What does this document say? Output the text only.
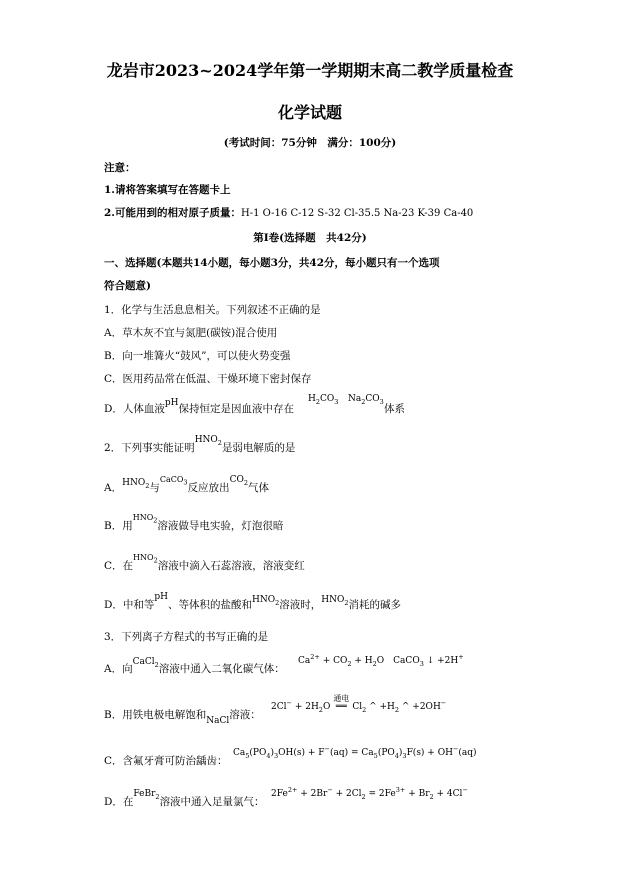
龙岩市2023~2024学年第一学期期末高二教学质量检查
化学试题
(考试时间：75分钟　满分：100分)
注意：
1.请将答案填写在答题卡上
2.可能用到的相对原子质量：H-1 O-16 C-12 S-32 Cl-35.5 Na-23 K-39 Ca-40
第Ⅰ卷(选择题　共42分)
一、选择题(本题共14小题，每小题3分，共42分，每小题只有一个选项
符合题意)
1．化学与生活息息相关。下列叙述不正确的是
A．草木灰不宜与氮肥(碳铵)混合使用
B．向一堆篝火“鼓风”，可以使火势变强
C．医用药品常在低温、干燥环境下密封保存
D．人体血液pH保持恒定是因血液中存在
$H_2CO_3$ $Na_2CO_3$
体系
2．下列事实能证明$HNO_2$是弱电解质的是
A．$HNO_2$与$^{CaCO_3}$反应放出$CO_2$气体
B．用$^{HNO_2}$溶液做导电实验，灯泡很暗
C．在$^{HNO_2}$溶液中滴入石蕊溶液，溶液变红
D．中和等pH、等体积的盐酸和$HNO_2$溶液时，$HNO_2$消耗的碱多
3．下列离子方程式的书写正确的是
A．向CaCl$_2$溶液中通入二氧化碳气体：
$Ca^{2+} + CO_2 + H_2O$　CaCO$_3$ ↓ +2H+
B．用铁电极电解饱和NaCl溶液：
$2Cl^- + 2H_2O$
通电
══ $Cl_2$ ^ $+H_2$ ^ +2OH−
C．含氟牙膏可防治龋齿：
$Ca_5(PO_4)_3OH(s) + F^-(aq) = Ca_5(PO_4)_3F(s) + OH^-(aq)$
D．在FeBr$_2$溶液中通入足量氯气：
$2Fe^{2+} + 2Br^- + 2Cl_2 = 2Fe^{3+} + Br_2 + 4Cl^-$
